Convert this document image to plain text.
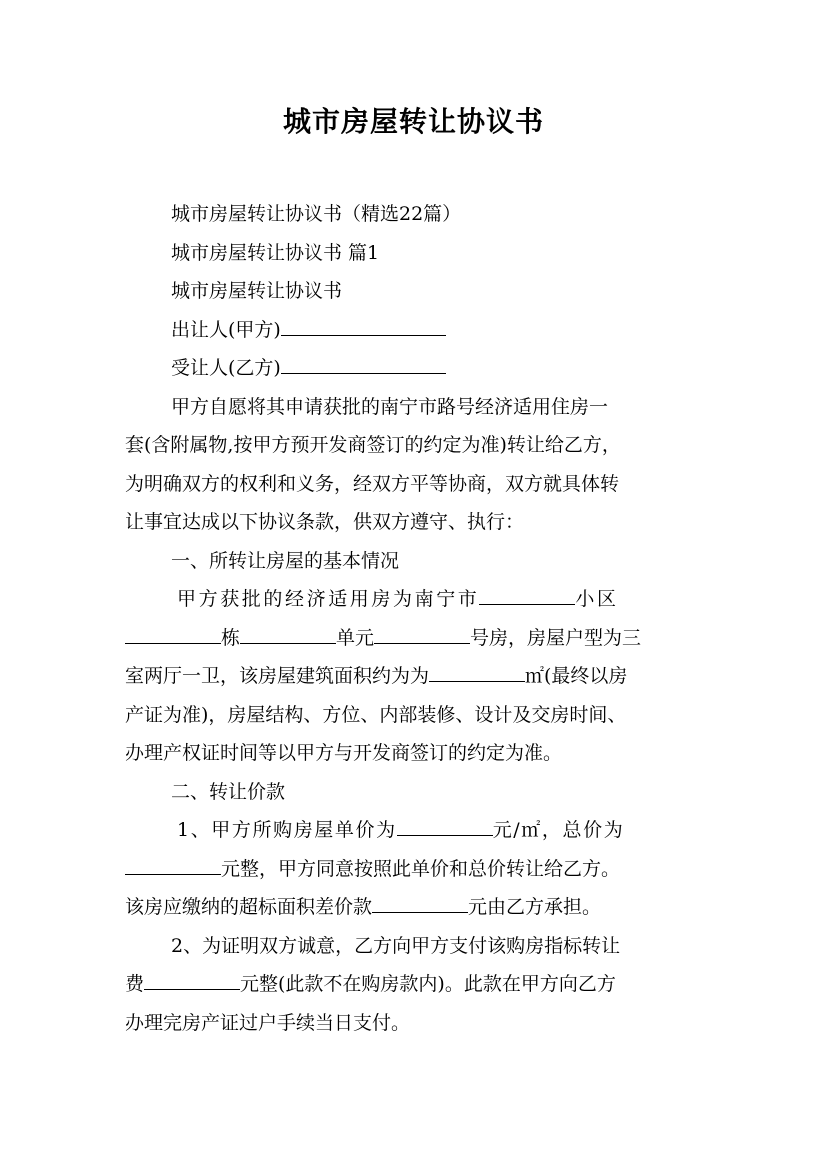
城市房屋转让协议书
城市房屋转让协议书（精选22篇）
城市房屋转让协议书 篇1
城市房屋转让协议书
出让人(甲方)
受让人(乙方)
甲方自愿将其申请获批的南宁市路号经济适用住房一
套(含附属物,按甲方预开发商签订的约定为准)转让给乙方，
为明确双方的权利和义务，经双方平等协商，双方就具体转
让事宜达成以下协议条款，供双方遵守、执行：
一、所转让房屋的基本情况
甲方获批的经济适用房为南宁市	小区
栋	单元	号房，房屋户型为三
室两厅一卫，该房屋建筑面积约为为	㎡(最终以房
产证为准)，房屋结构、方位、内部装修、设计及交房时间、
办理产权证时间等以甲方与开发商签订的约定为准。
二、转让价款
1、甲方所购房屋单价为	元/㎡，总价为
元整，甲方同意按照此单价和总价转让给乙方。
该房应缴纳的超标面积差价款	元由乙方承担。
2、为证明双方诚意，乙方向甲方支付该购房指标转让
费	元整(此款不在购房款内)。此款在甲方向乙方
办理完房产证过户手续当日支付。
